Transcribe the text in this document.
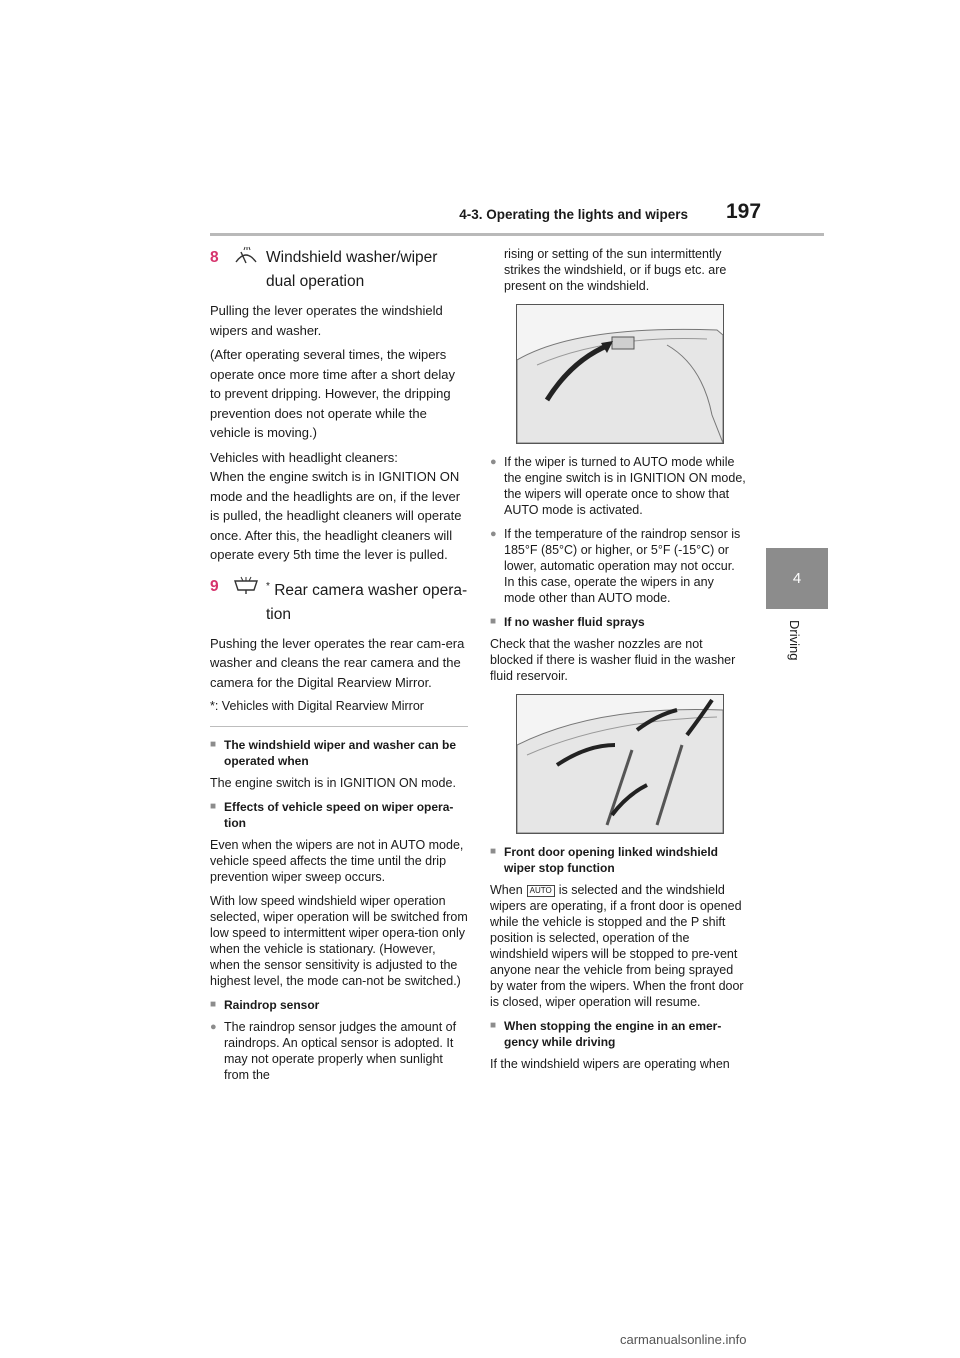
4-3. Operating the lights and wipers 197
4
Driving
8	Windshield washer/wiper dual operation

Pulling the lever operates the windshield wipers and washer.

(After operating several times, the wipers operate once more time after a short delay to prevent dripping. However, the dripping prevention does not operate while the vehicle is moving.)

Vehicles with headlight cleaners:

When the engine switch is in IGNITION ON mode and the headlights are on, if the lever is pulled, the headlight cleaners will operate once. After this, the headlight cleaners will operate every 5th time the lever is pulled.

9	* Rear camera washer opera-tion

Pushing the lever operates the rear cam-era washer and cleans the rear camera and the camera for the Digital Rearview Mirror.

*: Vehicles with Digital Rearview Mirror

■ The windshield wiper and washer can be operated when

The engine switch is in IGNITION ON mode.

■ Effects of vehicle speed on wiper opera-tion

Even when the wipers are not in AUTO mode, vehicle speed affects the time until the drip prevention wiper sweep occurs.

With low speed windshield wiper operation selected, wiper operation will be switched from low speed to intermittent wiper opera-tion only when the vehicle is stationary. (However, when the sensor sensitivity is adjusted to the highest level, the mode can-not be switched.)

■ Raindrop sensor

● The raindrop sensor judges the amount of raindrops. An optical sensor is adopted. It may not operate properly when sunlight from the

rising or setting of the sun intermittently strikes the windshield, or if bugs etc. are present on the windshield.

● If the wiper is turned to AUTO mode while the engine switch is in IGNITION ON mode, the wipers will operate once to show that AUTO mode is activated.

● If the temperature of the raindrop sensor is 185°F (85°C) or higher, or 5°F (-15°C) or lower, automatic operation may not occur. In this case, operate the wipers in any mode other than AUTO mode.

■ If no washer fluid sprays

Check that the washer nozzles are not blocked if there is washer fluid in the washer fluid reservoir.

■ Front door opening linked windshield wiper stop function

When AUTO is selected and the windshield wipers are operating, if a front door is opened while the vehicle is stopped and the P shift position is selected, operation of the windshield wipers will be stopped to pre-vent anyone near the vehicle from being sprayed by water from the wipers. When the front door is closed, wiper operation will resume.

■ When stopping the engine in an emer-gency while driving

If the windshield wipers are operating when

carmanualsonline.info
